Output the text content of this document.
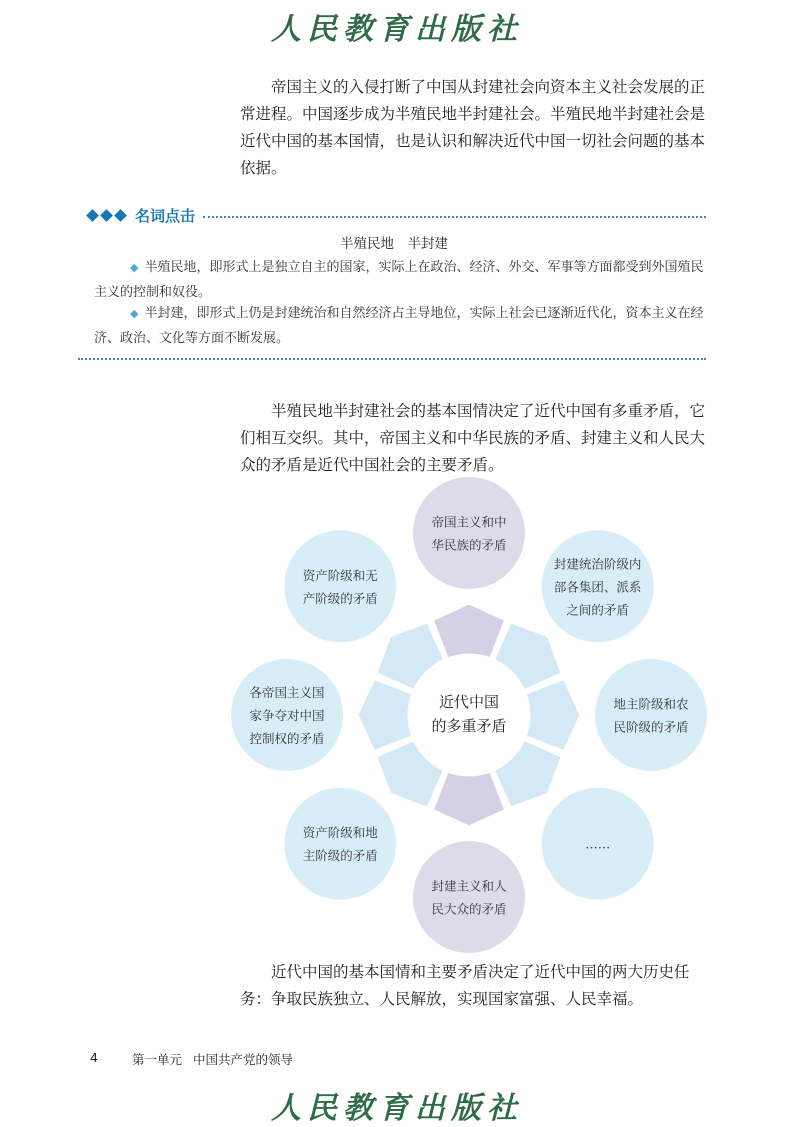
人民教育出版社

帝国主义的入侵打断了中国从封建社会向资本主义社会发展的正常进程。中国逐步成为半殖民地半封建社会。半殖民地半封建社会是近代中国的基本国情，也是认识和解决近代中国一切社会问题的基本依据。

名词点击
半殖民地　半封建

◆ 半殖民地，即形式上是独立自主的国家，实际上在政治、经济、外交、军事等方面都受到外国殖民主义的控制和奴役。

◆ 半封建，即形式上仍是封建统治和自然经济占主导地位，实际上社会已逐渐近代化，资本主义在经济、政治、文化等方面不断发展。

半殖民地半封建社会的基本国情决定了近代中国有多重矛盾，它们相互交织。其中，帝国主义和中华民族的矛盾、封建主义和人民大众的矛盾是近代中国社会的主要矛盾。

近代中国
的多重矛盾
帝国主义和中
华民族的矛盾
封建统治阶级内
部各集团、派系
之间的矛盾
地主阶级和农
民阶级的矛盾
……
封建主义和人
民大众的矛盾
资产阶级和地
主阶级的矛盾
各帝国主义国
家争夺对中国
控制权的矛盾
资产阶级和无
产阶级的矛盾

近代中国的基本国情和主要矛盾决定了近代中国的两大历史任务：争取民族独立、人民解放，实现国家富强、人民幸福。

4	第一单元 中国共产党的领导
人民教育出版社
